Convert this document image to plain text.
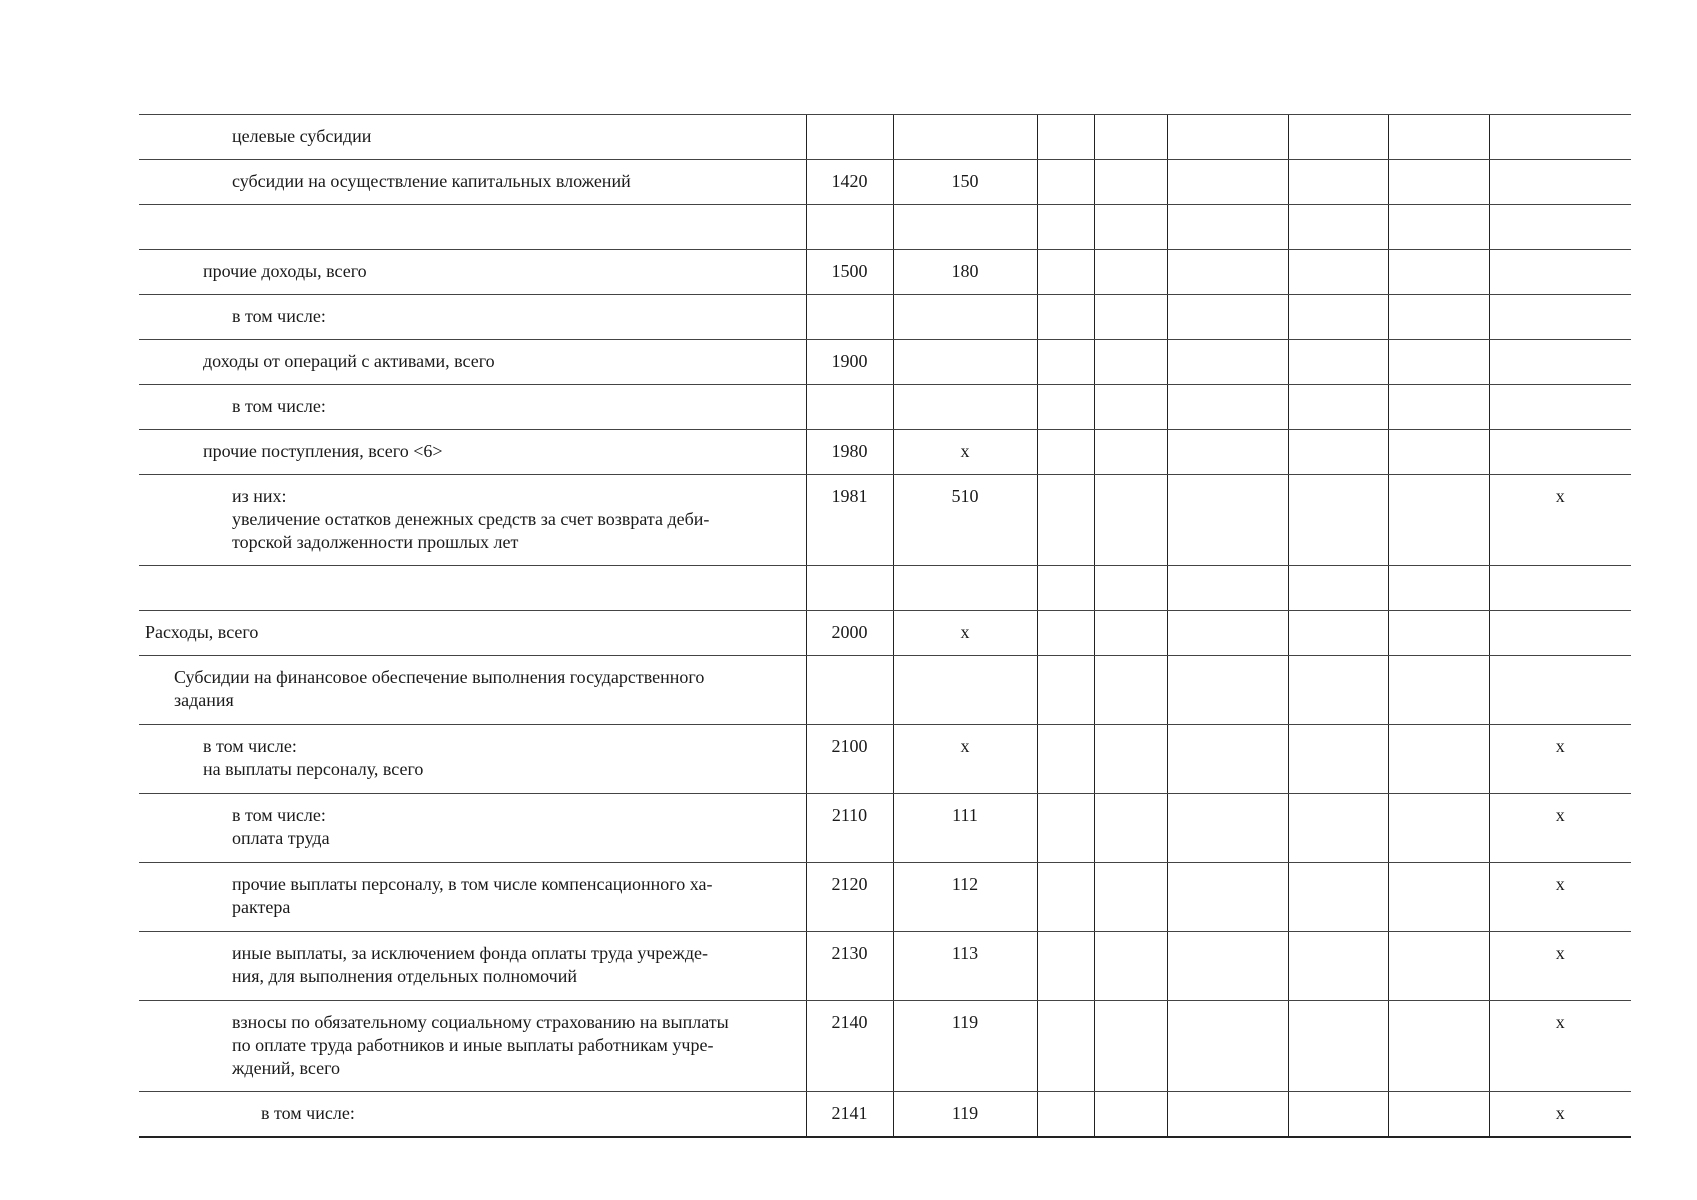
целевые субсидии								

субсидии на осуществление капитальных вложений	1420	150						

прочие доходы, всего	1500	180						

в том числе:								

доходы от операций с активами, всего	1900							

в том числе:								

прочие поступления, всего <6>	1980	x						

из них:
увеличение остатков денежных средств за счет возврата деби-
торской задолженности прошлых лет	1981	510						x

Расходы, всего	2000	x						

Субсидии на финансовое обеспечение выполнения государственного
задания								

в том числе:
на выплаты персоналу, всего	2100	x						x

в том числе:
оплата труда	2110	111						x

прочие выплаты персоналу, в том числе компенсационного ха-
рактера	2120	112						x

иные выплаты, за исключением фонда оплаты труда учрежде-
ния, для выполнения отдельных полномочий	2130	113						x

взносы по обязательному социальному страхованию на выплаты
по оплате труда работников и иные выплаты работникам учре-
ждений, всего	2140	119						x

в том числе:	2141	119						x
